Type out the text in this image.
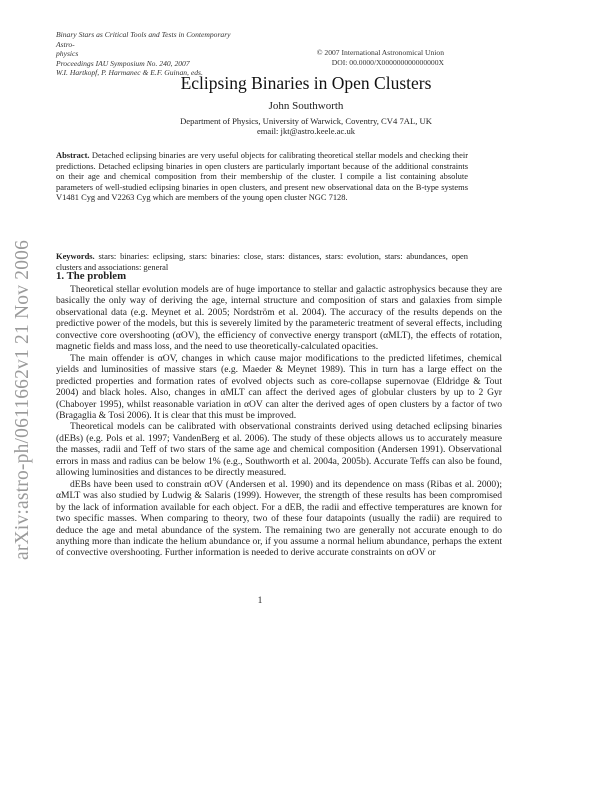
arXiv:astro-ph/0611662v1 21 Nov 2006
Binary Stars as Critical Tools and Tests in Contemporary Astro-
physics
Proceedings IAU Symposium No. 240, 2007
W.I. Hartkopf, P. Harmanec & E.F. Guinan, eds.
© 2007 International Astronomical Union
DOI: 00.0000/X000000000000000X
Eclipsing Binaries in Open Clusters
John Southworth
Department of Physics, University of Warwick, Coventry, CV4 7AL, UK
email: jkt@astro.keele.ac.uk
Abstract. Detached eclipsing binaries are very useful objects for calibrating theoretical stellar models and checking their predictions. Detached eclipsing binaries in open clusters are particularly important because of the additional constraints on their age and chemical composition from their membership of the cluster. I compile a list containing absolute parameters of well-studied eclipsing binaries in open clusters, and present new observational data on the B-type systems V1481 Cyg and V2263 Cyg which are members of the young open cluster NGC 7128.
Keywords. stars: binaries: eclipsing, stars: binaries: close, stars: distances, stars: evolution, stars: abundances, open clusters and associations: general
1. The problem

Theoretical stellar evolution models are of huge importance to stellar and galactic astrophysics because they are basically the only way of deriving the age, internal structure and composition of stars and galaxies from simple observational data (e.g. Meynet et al. 2005; Nordström et al. 2004). The accuracy of the results depends on the predictive power of the models, but this is severely limited by the parameteric treatment of several effects, including convective core overshooting (αOV), the efficiency of convective energy transport (αMLT), the effects of rotation, magnetic fields and mass loss, and the need to use theoretically-calculated opacities.

The main offender is αOV, changes in which cause major modifications to the predicted lifetimes, chemical yields and luminosities of massive stars (e.g. Maeder & Meynet 1989). This in turn has a large effect on the predicted properties and formation rates of evolved objects such as core-collapse supernovae (Eldridge & Tout 2004) and black holes. Also, changes in αMLT can affect the derived ages of globular clusters by up to 2 Gyr (Chaboyer 1995), whilst reasonable variation in αOV can alter the derived ages of open clusters by a factor of two (Bragaglia & Tosi 2006). It is clear that this must be improved.

Theoretical models can be calibrated with observational constraints derived using detached eclipsing binaries (dEBs) (e.g. Pols et al. 1997; VandenBerg et al. 2006). The study of these objects allows us to accurately measure the masses, radii and Teff of two stars of the same age and chemical composition (Andersen 1991). Observational errors in mass and radius can be below 1% (e.g., Southworth et al. 2004a, 2005b). Accurate Teffs can also be found, allowing luminosities and distances to be directly measured.

dEBs have been used to constrain αOV (Andersen et al. 1990) and its dependence on mass (Ribas et al. 2000); αMLT was also studied by Ludwig & Salaris (1999). However, the strength of these results has been compromised by the lack of information available for each object. For a dEB, the radii and effective temperatures are known for two specific masses. When comparing to theory, two of these four datapoints (usually the radii) are required to deduce the age and metal abundance of the system. The remaining two are generally not accurate enough to do anything more than indicate the helium abundance or, if you assume a normal helium abundance, perhaps the extent of convective overshooting. Further information is needed to derive accurate constraints on αOV or

1
